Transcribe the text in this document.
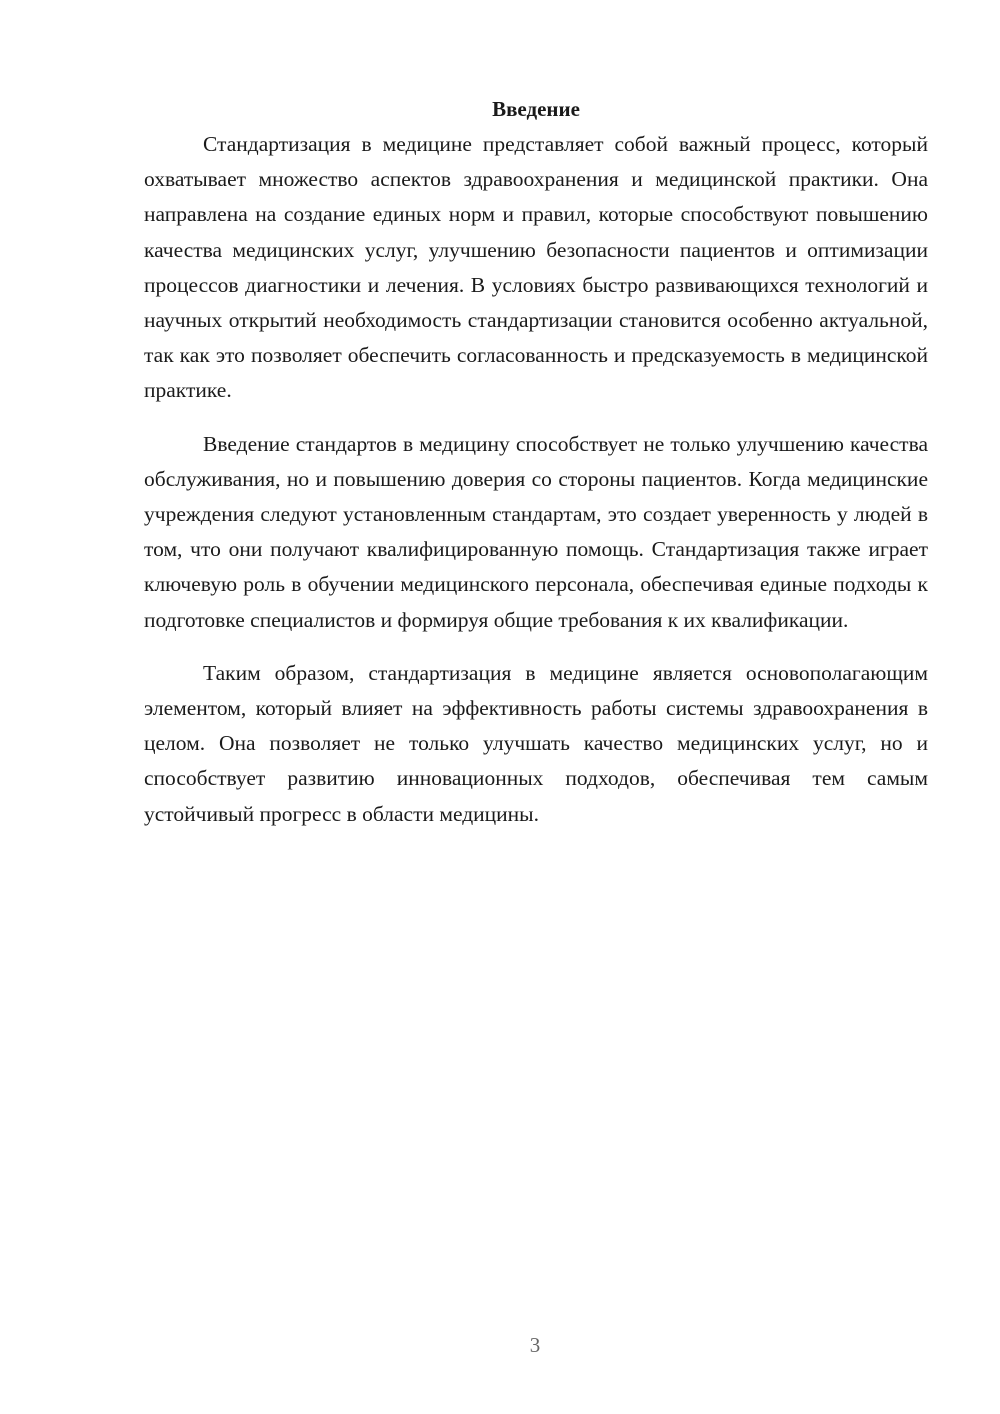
Введение

Стандартизация в медицине представляет собой важный процесс, который охватывает множество аспектов здравоохранения и медицинской практики. Она направлена на создание единых норм и правил, которые способствуют повышению качества медицинских услуг, улучшению безопасности пациентов и оптимизации процессов диагностики и лечения. В условиях быстро развивающихся технологий и научных открытий необходимость стандартизации становится особенно актуальной, так как это позволяет обеспечить согласованность и предсказуемость в медицинской практике.

Введение стандартов в медицину способствует не только улучшению качества обслуживания, но и повышению доверия со стороны пациентов. Когда медицинские учреждения следуют установленным стандартам, это создает уверенность у людей в том, что они получают квалифицированную помощь. Стандартизация также играет ключевую роль в обучении медицинского персонала, обеспечивая единые подходы к подготовке специалистов и формируя общие требования к их квалификации.

Таким образом, стандартизация в медицине является основополагающим элементом, который влияет на эффективность работы системы здравоохранения в целом. Она позволяет не только улучшать качество медицинских услуг, но и способствует развитию инновационных подходов, обеспечивая тем самым устойчивый прогресс в области медицины.

3
